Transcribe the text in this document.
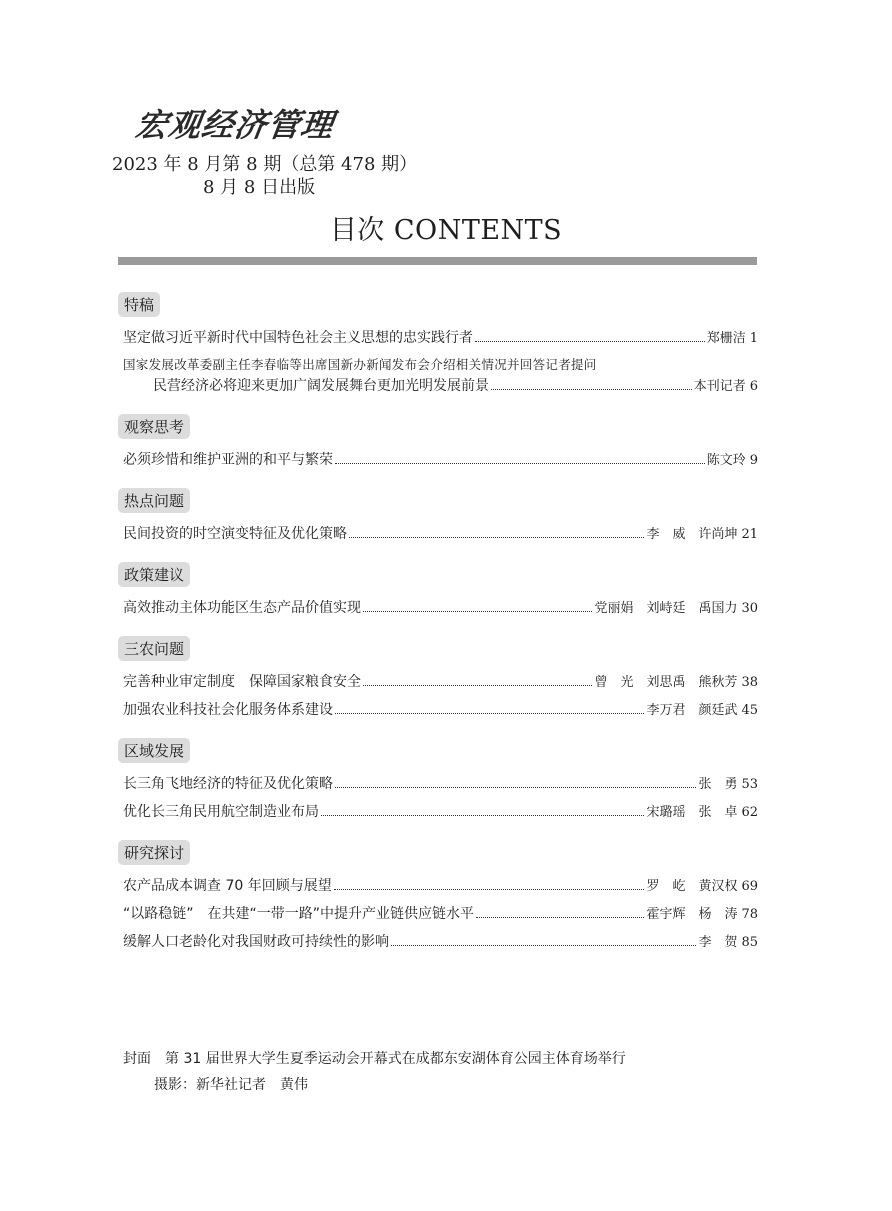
宏观经济管理
2023 年 8 月第 8 期（总第 478 期）
8 月 8 日出版
目次 CONTENTS
特稿
坚定做习近平新时代中国特色社会主义思想的忠实践行者	郑栅洁 1
国家发展改革委副主任李春临等出席国新办新闻发布会介绍相关情况并回答记者提问
民营经济必将迎来更加广阔发展舞台更加光明发展前景	本刊记者 6
观察思考
必须珍惜和维护亚洲的和平与繁荣	陈文玲 9
热点问题
民间投资的时空演变特征及优化策略	李　威　许尚坤 21
政策建议
高效推动主体功能区生态产品价值实现	党丽娟　刘峙廷　禹国力 30
三农问题
完善种业审定制度　保障国家粮食安全	曾　光　刘思禹　熊秋芳 38
加强农业科技社会化服务体系建设	李万君　颜廷武 45
区域发展
长三角飞地经济的特征及优化策略	张　勇 53
优化长三角民用航空制造业布局	宋璐瑶　张　卓 62
研究探讨
农产品成本调查 70 年回顾与展望	罗　屹　黄汉权 69
“以路稳链”　在共建“一带一路”中提升产业链供应链水平	霍宇辉　杨　涛 78
缓解人口老龄化对我国财政可持续性的影响	李　贺 85
封面 第 31 届世界大学生夏季运动会开幕式在成都东安湖体育公园主体育场举行
摄影：新华社记者　黄伟
